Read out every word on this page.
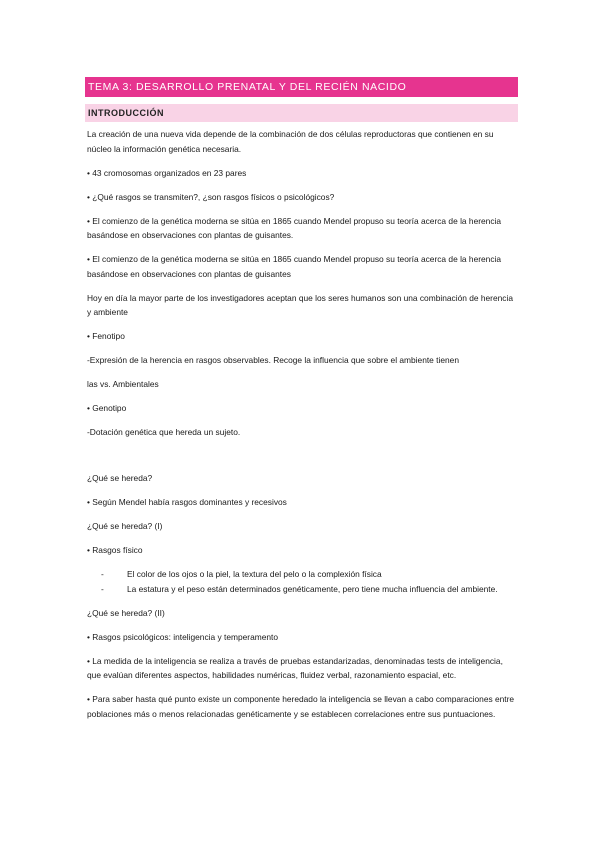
TEMA 3: DESARROLLO PRENATAL Y DEL RECIÉN NACIDO
INTRODUCCIÓN

La creación de una nueva vida depende de la combinación de dos células reproductoras que contienen en su núcleo la información genética necesaria.

• 43 cromosomas organizados en 23 pares

• ¿Qué rasgos se transmiten?, ¿son rasgos físicos o psicológicos?

• El comienzo de la genética moderna se sitúa en 1865 cuando Mendel propuso su teoría acerca de la herencia basándose en observaciones con plantas de guisantes.

• El comienzo de la genética moderna se sitúa en 1865 cuando Mendel propuso su teoría acerca de la herencia basándose en observaciones con plantas de guisantes

Hoy en día la mayor parte de los investigadores aceptan que los seres humanos son una combinación de herencia y ambiente

• Fenotipo

-Expresión de la herencia en rasgos observables. Recoge la influencia que sobre el ambiente tienen

las vs. Ambientales

• Genotipo

-Dotación genética que hereda un sujeto.

¿Qué se hereda?

• Según Mendel había rasgos dominantes y recesivos

¿Qué se hereda? (I)

• Rasgos físico

-	El color de los ojos o la piel, la textura del pelo o la complexión física
-	La estatura y el peso están determinados genéticamente, pero tiene mucha influencia del ambiente.

¿Qué se hereda? (II)

• Rasgos psicológicos: inteligencia y temperamento

• La medida de la inteligencia se realiza a través de pruebas estandarizadas, denominadas tests de inteligencia, que evalúan diferentes aspectos, habilidades numéricas, fluidez verbal, razonamiento espacial, etc.

• Para saber hasta qué punto existe un componente heredado la inteligencia se llevan a cabo comparaciones entre poblaciones más o menos relacionadas genéticamente y se establecen correlaciones entre sus puntuaciones.
